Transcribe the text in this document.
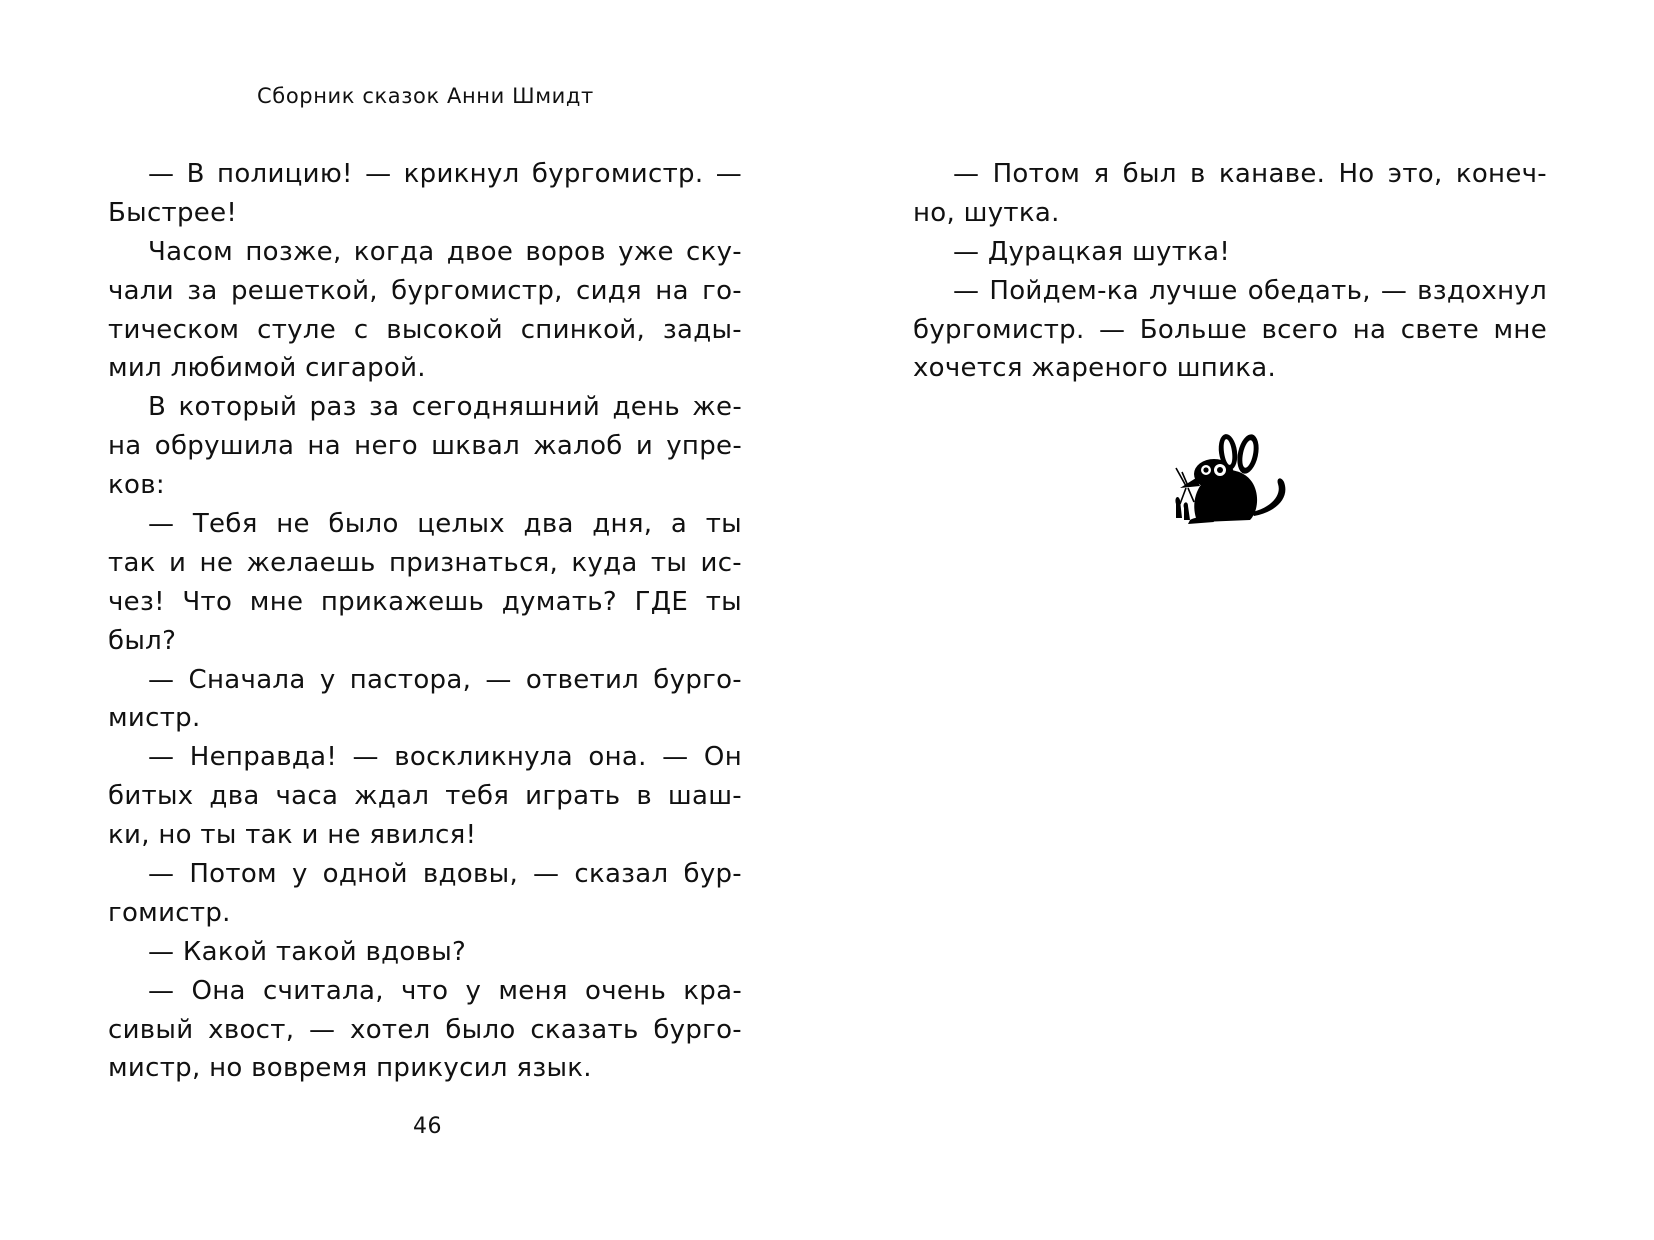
Сборник сказок Анни Шмидт
— В полицию! — крикнул бургомистр. —
Быстрее!
Часом позже, когда двое воров уже ску-
чали за решеткой, бургомистр, сидя на го-
тическом стуле с высокой спинкой, зады-
мил любимой сигарой.
В который раз за сегодняшний день же-
на обрушила на него шквал жалоб и упре-
ков:
— Тебя не было целых два дня, а ты
так и не желаешь признаться, куда ты ис-
чез! Что мне прикажешь думать? ГДЕ ты
был?
— Сначала у пастора, — ответил бурго-
мистр.
— Неправда! — воскликнула она. — Он
битых два часа ждал тебя играть в шаш-
ки, но ты так и не явился!
— Потом у одной вдовы, — сказал бур-
гомистр.
— Какой такой вдовы?
— Она считала, что у меня очень кра-
сивый хвост, — хотел было сказать бурго-
мистр, но вовремя прикусил язык.
— Потом я был в канаве. Но это, конеч-
но, шутка.
— Дурацкая шутка!
— Пойдем-ка лучше обедать, — вздохнул
бургомистр. — Больше всего на свете мне
хочется жареного шпика.
46
